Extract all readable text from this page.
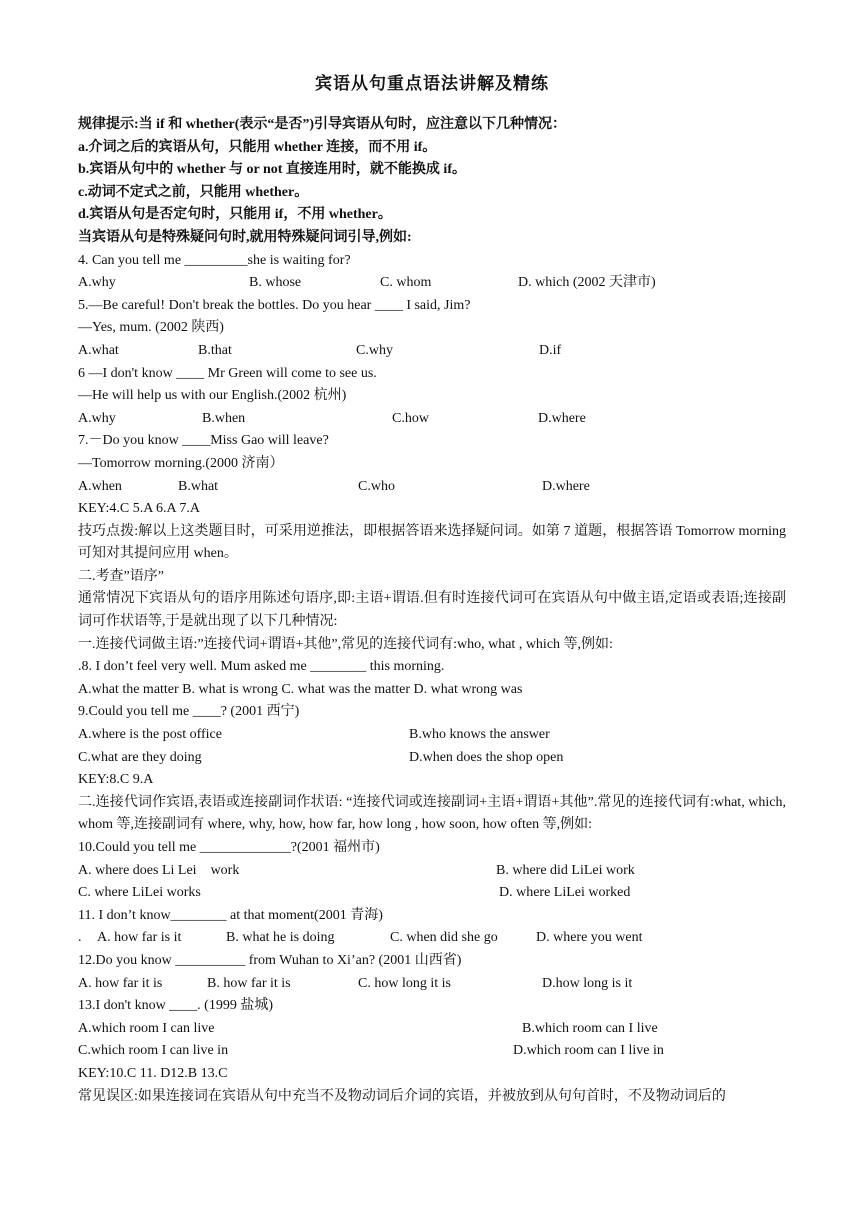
宾语从句重点语法讲解及精练
规律提示:当 if 和 whether(表示“是否”)引导宾语从句时，应注意以下几种情况：
a.介词之后的宾语从句，只能用 whether 连接，而不用 if。
b.宾语从句中的 whether 与 or not 直接连用时，就不能换成 if。
c.动词不定式之前，只能用 whether。
d.宾语从句是否定句时，只能用 if，不用 whether。
当宾语从句是特殊疑问句时,就用特殊疑问词引导,例如:
4. Can you tell me _________she is waiting for?
A.why	B. whose	C. whom	D. which (2002 天津市)
5.—Be careful! Don't break the bottles. Do you hear ____ I said, Jim?
—Yes, mum. (2002 陕西)
A.what	B.that	C.why	D.if
6 —I don't know ____ Mr Green will come to see us.
—He will help us with our English.(2002 杭州)
A.why	B.when	C.how	D.where
7.－Do you know ____Miss Gao will leave?
—Tomorrow morning.(2000 济南）
A.when	B.what	C.who	D.where
KEY:4.C 5.A 6.A 7.A
技巧点拨:解以上这类题目时，可采用逆推法，即根据答语来选择疑问词。如第 7 道题，根据答语 Tomorrow morning 可知对其提问应用 when。
二.考查”语序”
通常情况下宾语从句的语序用陈述句语序,即:主语+谓语.但有时连接代词可在宾语从句中做主语,定语或表语;连接副词可作状语等,于是就出现了以下几种情况:
一.连接代词做主语:”连接代词+谓语+其他”,常见的连接代词有:who, what , which 等,例如:
.8. I don’t feel very well. Mum asked me ________ this morning.
A.what the matter B. what is wrong C. what was the matter D. what wrong was
9.Could you tell me ____? (2001 西宁)
A.where is the post office	B.who knows the answer
C.what are they doing	D.when does the shop open
KEY:8.C 9.A
二.连接代词作宾语,表语或连接副词作状语: “连接代词或连接副词+主语+谓语+其他”.常见的连接代词有:what, which, whom 等,连接副词有 where, why, how, how far, how long , how soon, how often 等,例如:
10.Could you tell me _____________?(2001 福州市)
A. where does Li Lei    work	B. where did LiLei work
C. where LiLei works	D. where LiLei worked
11. I don’t know________ at that moment(2001 青海)
. A. how far is it	B. what he is doing	C. when did she go	D. where you went
12.Do you know __________ from Wuhan to Xi’an? (2001 山西省)
A. how far it is	B. how far it is	C. how long it is	D.how long is it
13.I don't know ____. (1999 盐城)
A.which room I can live	B.which room can I live
C.which room I can live in	D.which room can I live in
KEY:10.C 11. D12.B 13.C
常见误区:如果连接词在宾语从句中充当不及物动词后介词的宾语，并被放到从句句首时，不及物动词后的
